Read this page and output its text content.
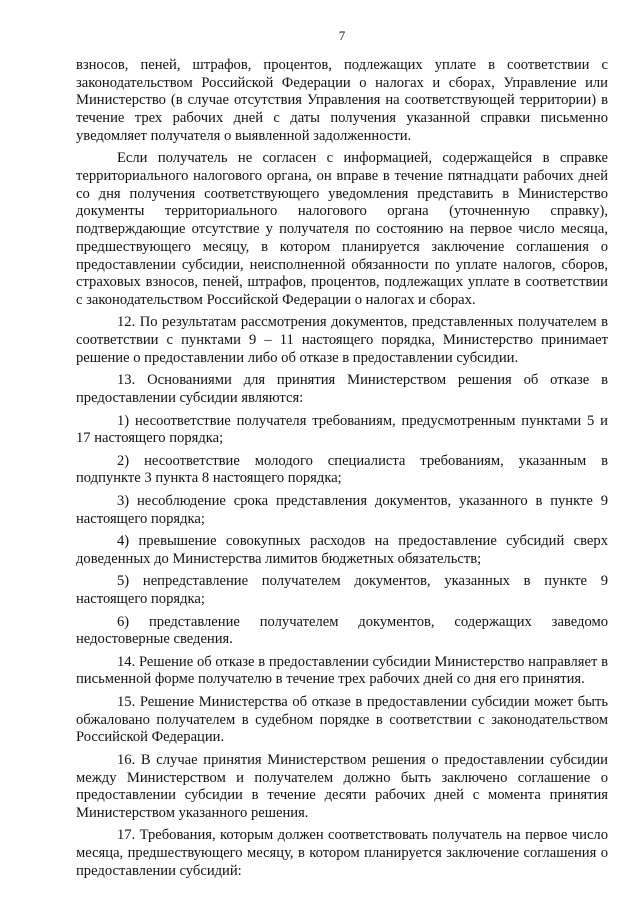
7

взносов, пеней, штрафов, процентов, подлежащих уплате в соответствии с законодательством Российской Федерации о налогах и сборах, Управление или Министерство (в случае отсутствия Управления на соответствующей территории) в течение трех рабочих дней с даты получения указанной справки письменно уведомляет получателя о выявленной задолженности.

Если получатель не согласен с информацией, содержащейся в справке территориального налогового органа, он вправе в течение пятнадцати рабочих дней со дня получения соответствующего уведомления представить в Министерство документы территориального налогового органа (уточненную справку), подтверждающие отсутствие у получателя по состоянию на первое число месяца, предшествующего месяцу, в котором планируется заключение соглашения о предоставлении субсидии, неисполненной обязанности по уплате налогов, сборов, страховых взносов, пеней, штрафов, процентов, подлежащих уплате в соответствии с законодательством Российской Федерации о налогах и сборах.

12. По результатам рассмотрения документов, представленных получателем в соответствии с пунктами 9 – 11 настоящего порядка, Министерство принимает решение о предоставлении либо об отказе в предоставлении субсидии.

13. Основаниями для принятия Министерством решения об отказе в предоставлении субсидии являются:

1) несоответствие получателя требованиям, предусмотренным пунктами 5 и 17 настоящего порядка;

2) несоответствие молодого специалиста требованиям, указанным в подпункте 3 пункта 8 настоящего порядка;

3) несоблюдение срока представления документов, указанного в пункте 9 настоящего порядка;

4) превышение совокупных расходов на предоставление субсидий сверх доведенных до Министерства лимитов бюджетных обязательств;

5) непредставление получателем документов, указанных в пункте 9 настоящего порядка;

6) представление получателем документов, содержащих заведомо недостоверные сведения.

14. Решение об отказе в предоставлении субсидии Министерство направляет в письменной форме получателю в течение трех рабочих дней со дня его принятия.

15. Решение Министерства об отказе в предоставлении субсидии может быть обжаловано получателем в судебном порядке в соответствии с законодательством Российской Федерации.

16. В случае принятия Министерством решения о предоставлении субсидии между Министерством и получателем должно быть заключено соглашение о предоставлении субсидии в течение десяти рабочих дней с момента принятия Министерством указанного решения.

17. Требования, которым должен соответствовать получатель на первое число месяца, предшествующего месяцу, в котором планируется заключение соглашения о предоставлении субсидий:
